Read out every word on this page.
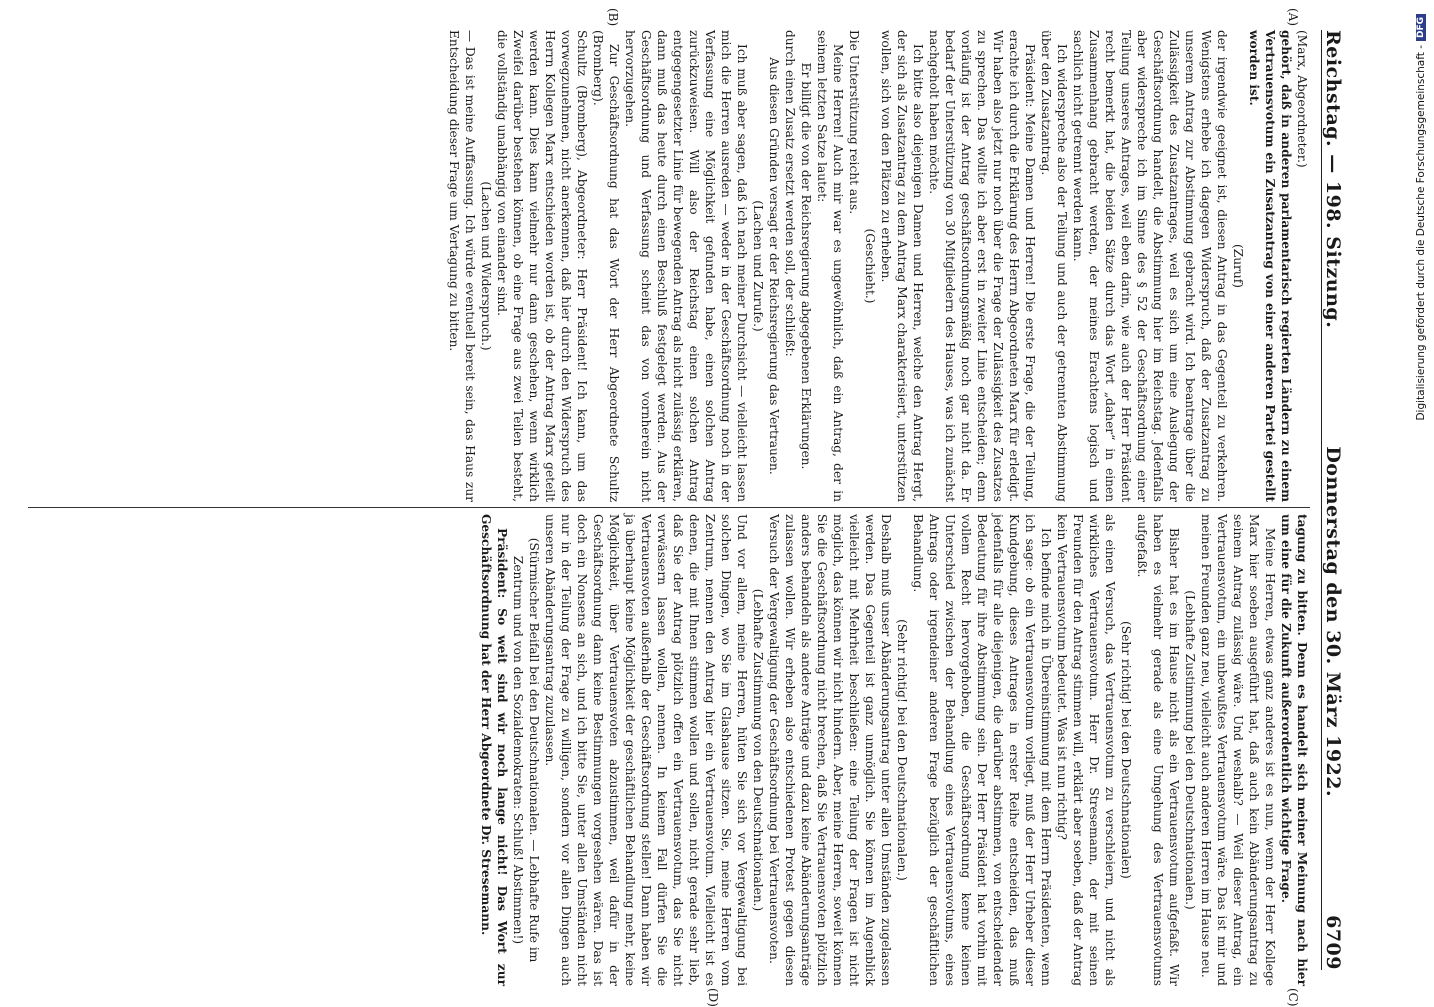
Reichstag. — 198. Sitzung.
Donnerstag den 30. März 1922.
6709
(A)
(B)
(C)
(D)

(Marx, Abgeordneter.)

gehört, daß in anderen parlamentarisch regierten Ländern zu einem Vertrauensvotum ein Zusatzantrag von einer anderen Partei gestellt worden ist.

(Zuruf)

der irgendwie geeignet ist, diesen Antrag in das Gegenteil zu verkehren. Wenigstens erhebe ich dagegen Widerspruch, daß der Zusatzantrag zu unserem Antrag zur Abstimmung gebracht wird. Ich beantrage über die Zulässigkeit des Zusatzantrages, weil es sich um eine Auslegung der Geschäftsordnung handelt, die Abstimmung hier im Reichstag. Jedenfalls aber widerspreche ich im Sinne des § 52 der Geschäftsordnung einer Teilung unseres Antrages, weil eben darin, wie auch der Herr Präsident recht bemerkt hat, die beiden Sätze durch das Wort „daher“ in einen Zusammenhang gebracht werden, der meines Erachtens logisch und sachlich nicht getrennt werden kann.

Ich widerspreche also der Teilung und auch der getrennten Abstimmung über den Zusatzantrag.

Präsident: Meine Damen und Herren! Die erste Frage, die der Teilung, erachte ich durch die Erklärung des Herrn Abgeordneten Marx für erledigt. Wir haben also jetzt nur noch über die Frage der Zulässigkeit des Zusatzes zu sprechen. Das wollte ich aber erst in zweiter Linie entscheiden; denn vorläufig ist der Antrag geschäftsordnungsmäßig noch gar nicht da. Er bedarf der Unterstützung von 30 Mitgliedern des Hauses, was ich zunächst nachgeholt haben möchte.

Ich bitte also diejenigen Damen und Herren, welche den Antrag Hergt, der sich als Zusatzantrag zu dem Antrag Marx charakterisiert, unterstützen wollen, sich von den Plätzen zu erheben.

(Geschieht.)

Die Unterstützung reicht aus.

Meine Herren! Auch mir war es ungewöhnlich, daß ein Antrag, der in seinem letzten Satze lautet:

Er billigt die von der Reichsregierung abgegebenen Erklärungen.

durch einen Zusatz ersetzt werden soll, der schließt:

Aus diesen Gründen versagt er der Reichsregierung das Vertrauen.

(Lachen und Zurufe.)

Ich muß aber sagen, daß ich nach meiner Durchsicht — vielleicht lassen mich die Herren ausreden — weder in der Geschäftsordnung noch in der Verfassung eine Möglichkeit gefunden habe, einen solchen Antrag zurückzuweisen. Will also der Reichstag einen solchen Antrag entgegengesetzter Linie für bewegenden Antrag als nicht zulässig erklären, dann muß das heute durch einen Beschluß festgelegt werden. Aus der Geschäftsordnung und Verfassung scheint das von vornherein nicht hervorzugehen.

Zur Geschäftsordnung hat das Wort der Herr Abgeordnete Schultz (Bromberg).

Schultz (Bromberg), Abgeordneter: Herr Präsident! Ich kann, um das vorwegzunehmen, nicht anerkennen, daß hier durch den Widerspruch des Herrn Kollegen Marx entschieden worden ist, ob der Antrag Marx geteilt werden kann. Dies kann vielmehr nur dann geschehen, wenn wirklich Zweifel darüber bestehen können, ob eine Frage aus zwei Teilen besteht, die vollständig unabhängig von einander sind.

(Lachen und Widerspruch.)

— Das ist meine Auffassung. Ich würde eventuell bereit sein, das Haus zur Entscheidung dieser Frage um Vertagung zu bitten.

tagung zu bitten. Denn es handelt sich meiner Meinung nach hier um eine für die Zukunft außerordentlich wichtige Frage.

Meine Herren, etwas ganz anderes ist es nun, wenn der Herr Kollege Marx hier soeben ausgeführt hat, daß auch kein Abänderungsantrag zu seinem Antrag zulässig wäre. Und weshalb? — Weil dieser Antrag, ein Vertrauensvotum, ein unbewußtes Vertrauensvotum wäre. Das ist mir und meinen Freunden ganz neu, vielleicht auch anderen Herren im Hause neu.

(Lebhafte Zustimmung bei den Deutschnationalen.)

Bisher hat es im Hause nicht als ein Vertrauensvotum aufgefaßt. Wir haben es vielmehr gerade als eine Umgehung des Vertrauensvotums aufgefaßt.

(Sehr richtig! bei den Deutschnationalen)

als einen Versuch, das Vertrauensvotum zu verschleiern, und nicht als wirkliches Vertrauensvotum. Herr Dr. Stresemann, der mit seinen Freunden für den Antrag stimmen will, erklärt aber soeben, daß der Antrag kein Vertrauensvotum bedeutet. Was ist nun richtig?

Ich befinde mich in Übereinstimmung mit dem Herrn Präsidenten, wenn ich sage: ob ein Vertrauensvotum vorliegt, muß der Herr Urheber dieser Kundgebung, dieses Antrages in erster Reihe entscheiden, das muß jedenfalls für alle diejenigen, die darüber abstimmen, von entscheidender Bedeutung für ihre Abstimmung sein. Der Herr Präsident hat vorhin mit vollem Recht hervorgehoben, die Geschäftsordnung kenne keinen Unterschied zwischen der Behandlung eines Vertrauensvotums, eines Antrags oder irgendeiner anderen Frage bezüglich der geschäftlichen Behandlung.

(Sehr richtig! bei den Deutschnationalen.)

Deshalb muß unser Abänderungsantrag unter allen Umständen zugelassen werden. Das Gegenteil ist ganz unmöglich. Sie können im Augenblick vielleicht mit Mehrheit beschließen: eine Teilung der Fragen ist nicht möglich, das können wir nicht hindern. Aber, meine Herren, soweit können Sie die Geschäftsordnung nicht brechen, daß Sie Vertrauensvoten plötzlich anders behandeln als andere Anträge und dazu keine Abänderungsanträge zulassen wollen. Wir erheben also entschiedenen Protest gegen diesen Versuch der Vergewaltigung der Geschäftsordnung bei Vertrauensvoten.

(Lebhafte Zustimmung von den Deutschnationalen.)

Und vor allem, meine Herren, hüten Sie sich vor Vergewaltigung bei solchen Dingen, wo Sie im Glashause sitzen. Sie, meine Herren vom Zentrum, nennen den Antrag hier ein Vertrauensvotum. Vielleicht ist es denen, die mit Ihnen stimmen wollen und sollen, nicht gerade sehr lieb, daß Sie der Antrag plötzlich offen ein Vertrauensvotum, das Sie nicht verwässern lassen wollen, nennen. In keinem Fall dürfen Sie die Vertrauensvoten außerhalb der Geschäftsordnung stellen! Dann haben wir ja überhaupt keine Möglichkeit der geschäftlichen Behandlung mehr, keine Möglichkeit, über Vertrauensvoten abzustimmen, weil dafür in der Geschäftsordnung dann keine Bestimmungen vorgesehen wären. Das ist doch ein Nonsens an sich, und ich bitte Sie, unter allen Umständen nicht nur in der Teilung der Frage zu willigen, sondern vor allen Dingen auch unseren Abänderungsantrag zuzulassen.

(Stürmischer Beifall bei den Deutschnationalen. — Lebhafte Rufe im Zentrum und von den Sozialdemokraten: Schluß! Abstimmen!)

Präsident: So weit sind wir noch lange nicht! Das Wort zur Geschäftsordnung hat der Herr Abgeordnete Dr. Stresemann.

Digitalisierung gefördert durch die Deutsche Forschungsgemeinschaft -
DFG
